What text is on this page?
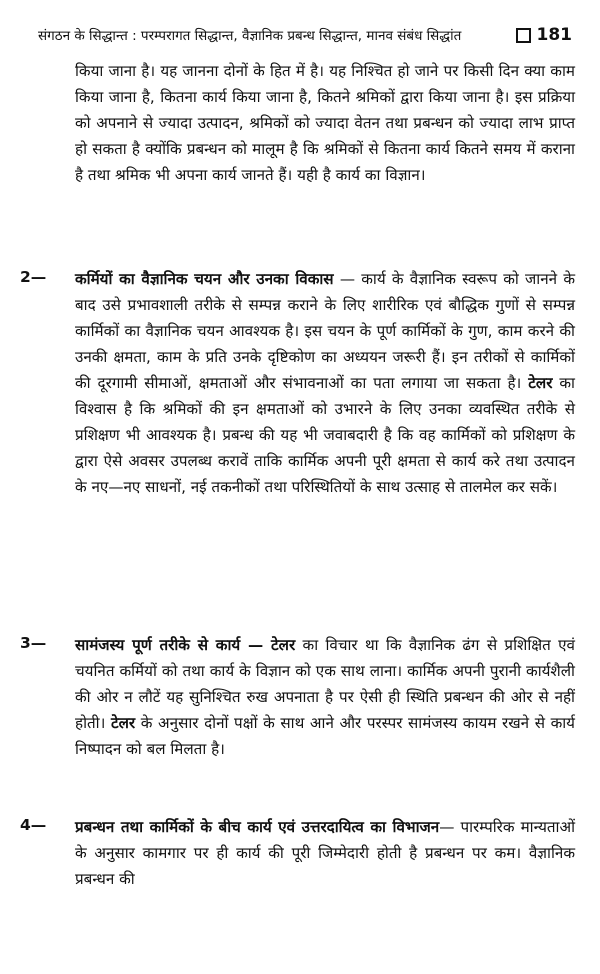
संगठन के सिद्धान्त : परम्परागत सिद्धान्त, वैज्ञानिक प्रबन्ध सिद्धान्त, मानव संबंध सिद्धांत	181

किया जाना है। यह जानना दोनों के हित में है। यह निश्चित हो जाने पर किसी दिन क्या काम किया जाना है, कितना कार्य किया जाना है, कितने श्रमिकों द्वारा किया जाना है। इस प्रक्रिया को अपनाने से ज्यादा उत्पादन, श्रमिकों को ज्यादा वेतन तथा प्रबन्धन को ज्यादा लाभ प्राप्त हो सकता है क्योंकि प्रबन्धन को मालूम है कि श्रमिकों से कितना कार्य कितने समय में कराना है तथा श्रमिक भी अपना कार्य जानते हैं। यही है कार्य का विज्ञान।

2— कर्मियों का वैज्ञानिक चयन और उनका विकास — कार्य के वैज्ञानिक स्वरूप को जानने के बाद उसे प्रभावशाली तरीके से सम्पन्न कराने के लिए शारीरिक एवं बौद्धिक गुणों से सम्पन्न कार्मिकों का वैज्ञानिक चयन आवश्यक है। इस चयन के पूर्ण कार्मिकों के गुण, काम करने की उनकी क्षमता, काम के प्रति उनके दृष्टिकोण का अध्ययन जरूरी हैं। इन तरीकों से कार्मिकों की दूरगामी सीमाओं, क्षमताओं और संभावनाओं का पता लगाया जा सकता है। टेलर का विश्वास है कि श्रमिकों की इन क्षमताओं को उभारने के लिए उनका व्यवस्थित तरीके से प्रशिक्षण भी आवश्यक है। प्रबन्ध की यह भी जवाबदारी है कि वह कार्मिकों को प्रशिक्षण के द्वारा ऐसे अवसर उपलब्ध करावें ताकि कार्मिक अपनी पूरी क्षमता से कार्य करे तथा उत्पादन के नए—नए साधनों, नई तकनीकों तथा परिस्थितियों के साथ उत्साह से तालमेल कर सकें।

3— सामंजस्य पूर्ण तरीके से कार्य — टेलर का विचार था कि वैज्ञानिक ढंग से प्रशिक्षित एवं चयनित कर्मियों को तथा कार्य के विज्ञान को एक साथ लाना। कार्मिक अपनी पुरानी कार्यशैली की ओर न लौटें यह सुनिश्चित रुख अपनाता है पर ऐसी ही स्थिति प्रबन्धन की ओर से नहीं होती। टेलर के अनुसार दोनों पक्षों के साथ आने और परस्पर सामंजस्य कायम रखने से कार्य निष्पादन को बल मिलता है।

4— प्रबन्धन तथा कार्मिकों के बीच कार्य एवं उत्तरदायित्व का विभाजन— पारम्परिक मान्यताओं के अनुसार कामगार पर ही कार्य की पूरी जिम्मेदारी होती है प्रबन्धन पर कम। वैज्ञानिक प्रबन्धन की
